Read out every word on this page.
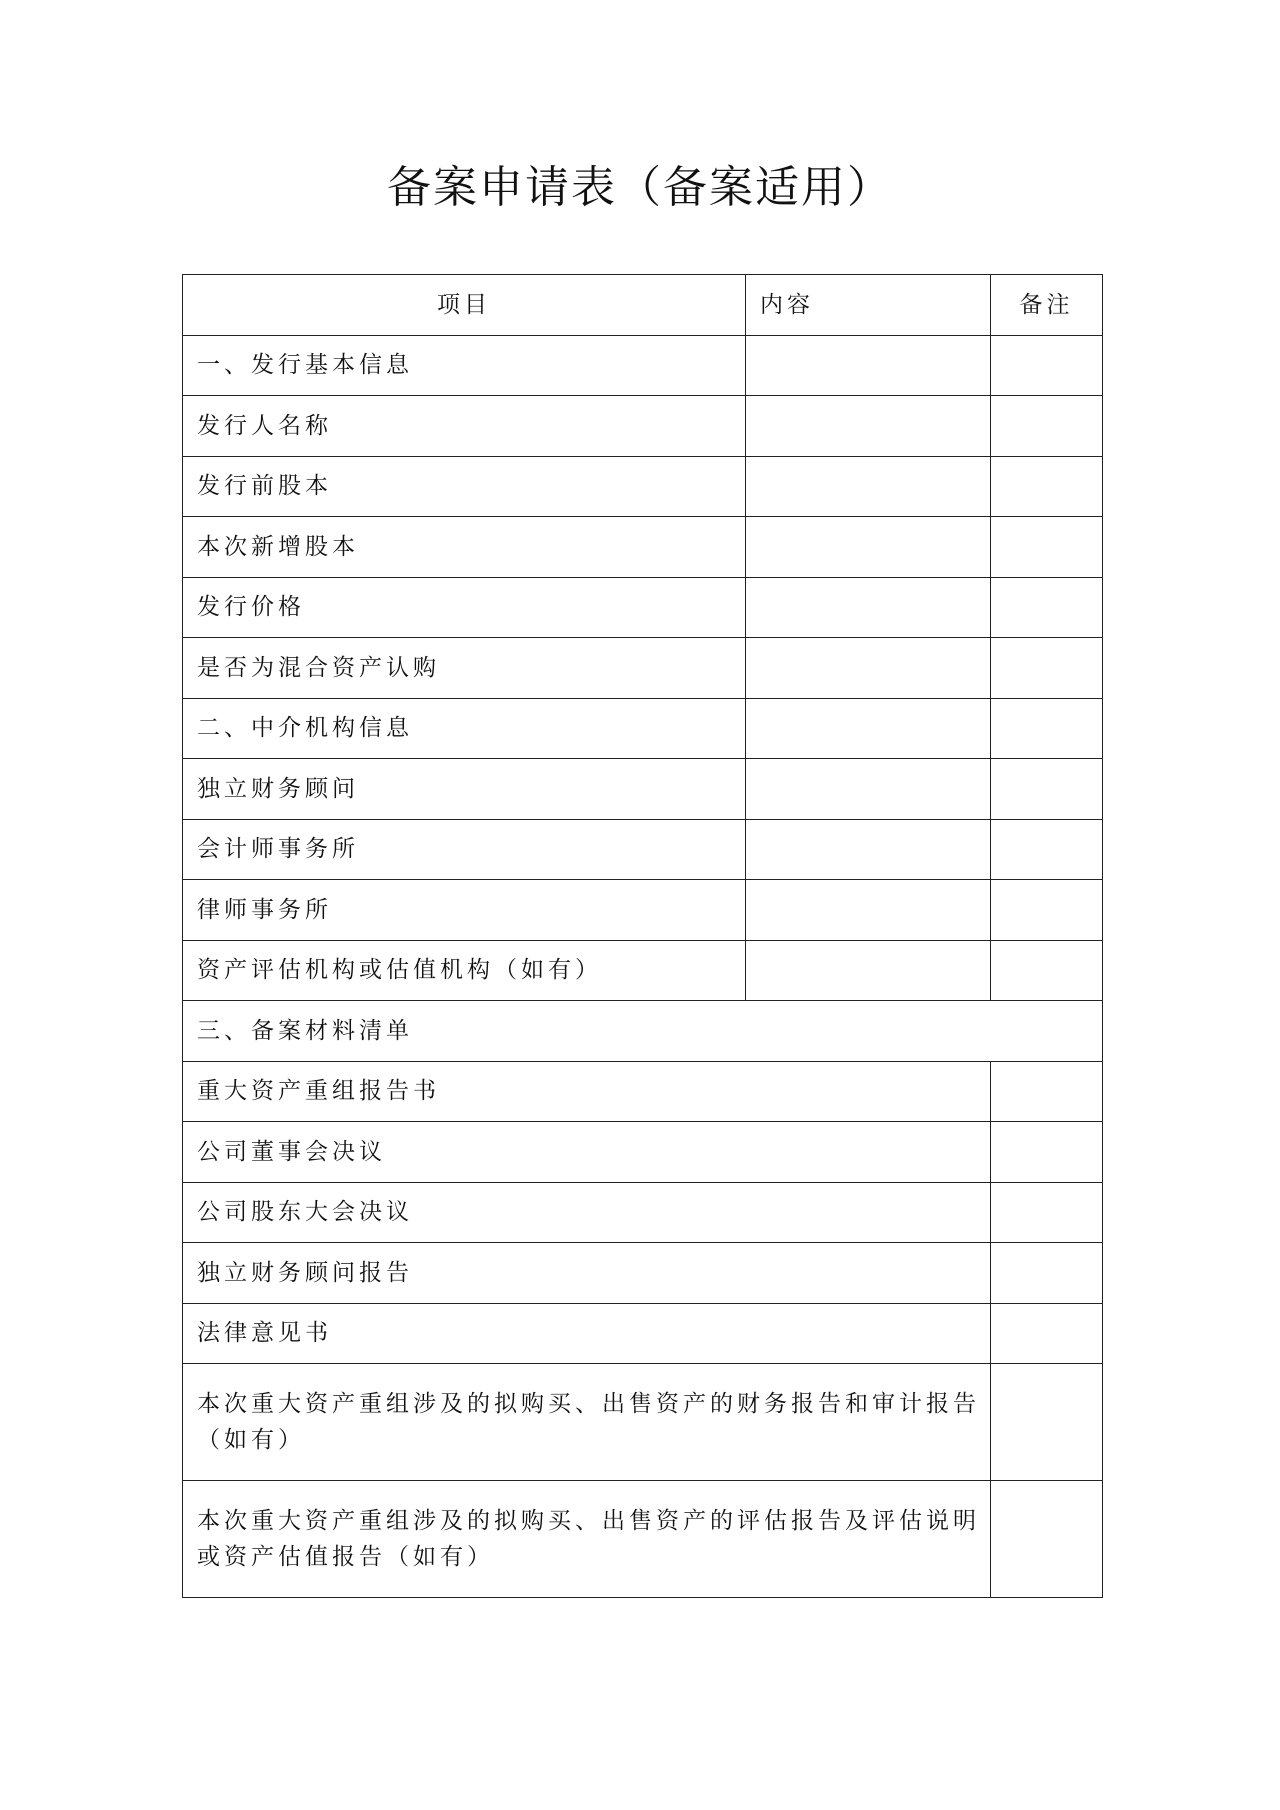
备案申请表（备案适用）
项目	内容	备注
一、发行基本信息		
发行人名称		
发行前股本		
本次新增股本		
发行价格		
是否为混合资产认购		
二、中介机构信息		
独立财务顾问		
会计师事务所		
律师事务所		
资产评估机构或估值机构（如有）		
三、备案材料清单		
重大资产重组报告书		
公司董事会决议		
公司股东大会决议		
独立财务顾问报告		
法律意见书		
本次重大资产重组涉及的拟购买、出售资产的财务报告和审计报告（如有）		
本次重大资产重组涉及的拟购买、出售资产的评估报告及评估说明或资产估值报告（如有）		
